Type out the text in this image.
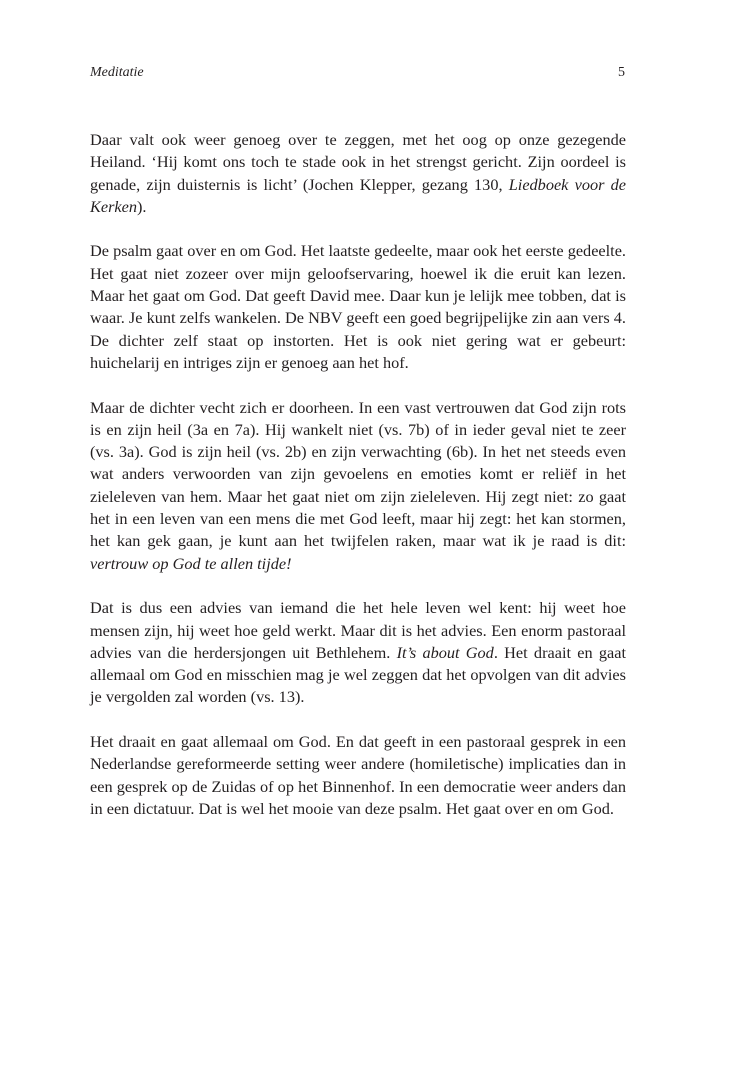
Meditatie	5

Daar valt ook weer genoeg over te zeggen, met het oog op onze gezegende Heiland. ‘Hij komt ons toch te stade ook in het strengst gericht. Zijn oordeel is genade, zijn duisternis is licht’ (Jochen Klepper, gezang 130, Liedboek voor de Kerken).

De psalm gaat over en om God. Het laatste gedeelte, maar ook het eerste gedeelte. Het gaat niet zozeer over mijn geloofservaring, hoewel ik die eruit kan lezen. Maar het gaat om God. Dat geeft David mee. Daar kun je lelijk mee tobben, dat is waar. Je kunt zelfs wankelen. De NBV geeft een goed begrijpelijke zin aan vers 4. De dichter zelf staat op instorten. Het is ook niet gering wat er gebeurt: huichelarij en intriges zijn er genoeg aan het hof.

Maar de dichter vecht zich er doorheen. In een vast vertrouwen dat God zijn rots is en zijn heil (3a en 7a). Hij wankelt niet (vs. 7b) of in ieder geval niet te zeer (vs. 3a). God is zijn heil (vs. 2b) en zijn verwachting (6b). In het net steeds even wat anders verwoorden van zijn gevoelens en emoties komt er reliëf in het zieleleven van hem. Maar het gaat niet om zijn zieleleven. Hij zegt niet: zo gaat het in een leven van een mens die met God leeft, maar hij zegt: het kan stormen, het kan gek gaan, je kunt aan het twijfelen raken, maar wat ik je raad is dit: vertrouw op God te allen tijde!

Dat is dus een advies van iemand die het hele leven wel kent: hij weet hoe mensen zijn, hij weet hoe geld werkt. Maar dit is het advies. Een enorm pastoraal advies van die herdersjongen uit Bethlehem. It’s about God. Het draait en gaat allemaal om God en misschien mag je wel zeggen dat het opvolgen van dit advies je vergolden zal worden (vs. 13).

Het draait en gaat allemaal om God. En dat geeft in een pastoraal gesprek in een Nederlandse gereformeerde setting weer andere (homiletische) implicaties dan in een gesprek op de Zuidas of op het Binnenhof. In een democratie weer anders dan in een dictatuur. Dat is wel het mooie van deze psalm. Het gaat over en om God.
